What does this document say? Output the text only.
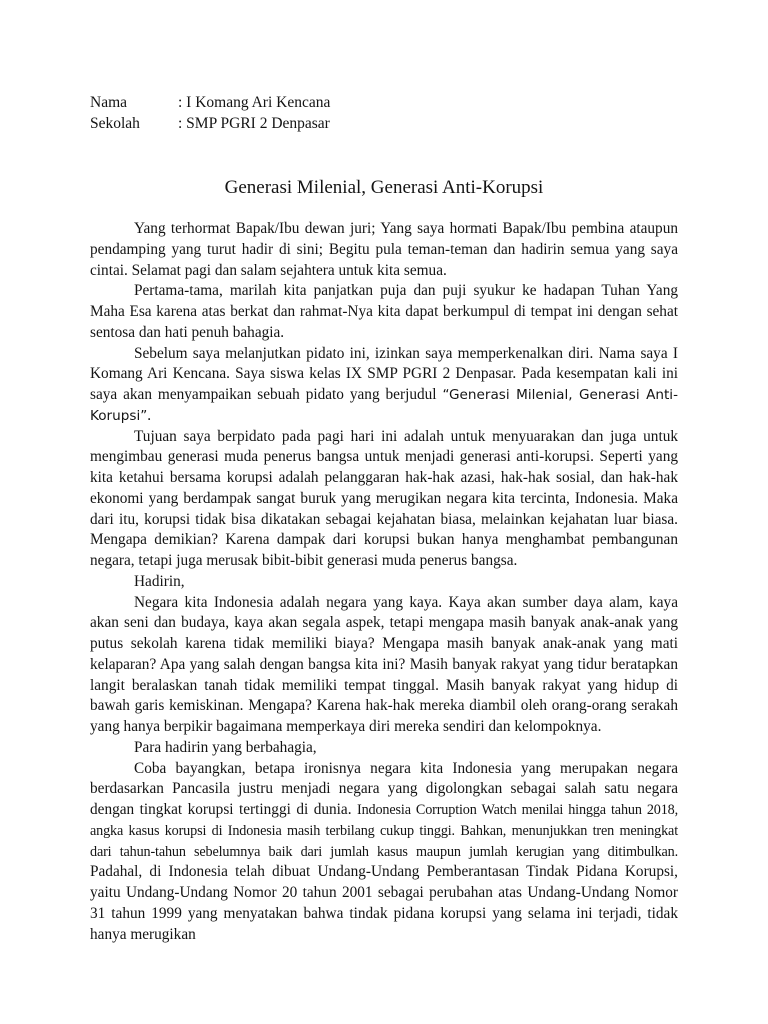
Nama	: I Komang Ari Kencana
Sekolah	: SMP PGRI 2 Denpasar
Generasi Milenial, Generasi Anti-Korupsi

Yang terhormat Bapak/Ibu dewan juri; Yang saya hormati Bapak/Ibu pembina ataupun pendamping yang turut hadir di sini; Begitu pula teman-teman dan hadirin semua yang saya cintai. Selamat pagi dan salam sejahtera untuk kita semua.

Pertama-tama, marilah kita panjatkan puja dan puji syukur ke hadapan Tuhan Yang Maha Esa karena atas berkat dan rahmat-Nya kita dapat berkumpul di tempat ini dengan sehat sentosa dan hati penuh bahagia.

Sebelum saya melanjutkan pidato ini, izinkan saya memperkenalkan diri. Nama saya I Komang Ari Kencana. Saya siswa kelas IX SMP PGRI 2 Denpasar. Pada kesempatan kali ini saya akan menyampaikan sebuah pidato yang berjudul “Generasi Milenial, Generasi Anti-Korupsi”.

Tujuan saya berpidato pada pagi hari ini adalah untuk menyuarakan dan juga untuk mengimbau generasi muda penerus bangsa untuk menjadi generasi anti-korupsi. Seperti yang kita ketahui bersama korupsi adalah pelanggaran hak-hak azasi, hak-hak sosial, dan hak-hak ekonomi yang berdampak sangat buruk yang merugikan negara kita tercinta, Indonesia. Maka dari itu, korupsi tidak bisa dikatakan sebagai kejahatan biasa, melainkan kejahatan luar biasa. Mengapa demikian? Karena dampak dari korupsi bukan hanya menghambat pembangunan negara, tetapi juga merusak bibit-bibit generasi muda penerus bangsa.

Hadirin,

Negara kita Indonesia adalah negara yang kaya. Kaya akan sumber daya alam, kaya akan seni dan budaya, kaya akan segala aspek, tetapi mengapa masih banyak anak-anak yang putus sekolah karena tidak memiliki biaya? Mengapa masih banyak anak-anak yang mati kelaparan? Apa yang salah dengan bangsa kita ini? Masih banyak rakyat yang tidur beratapkan langit beralaskan tanah tidak memiliki tempat tinggal. Masih banyak rakyat yang hidup di bawah garis kemiskinan. Mengapa? Karena hak-hak mereka diambil oleh orang-orang serakah yang hanya berpikir bagaimana memperkaya diri mereka sendiri dan kelompoknya.

Para hadirin yang berbahagia,

Coba bayangkan, betapa ironisnya negara kita Indonesia yang merupakan negara berdasarkan Pancasila justru menjadi negara yang digolongkan sebagai salah satu negara dengan tingkat korupsi tertinggi di dunia. Indonesia Corruption Watch menilai hingga tahun 2018, angka kasus korupsi di Indonesia masih terbilang cukup tinggi. Bahkan, menunjukkan tren meningkat dari tahun-tahun sebelumnya baik dari jumlah kasus maupun jumlah kerugian yang ditimbulkan. Padahal, di Indonesia telah dibuat Undang-Undang Pemberantasan Tindak Pidana Korupsi, yaitu Undang-Undang Nomor 20 tahun 2001 sebagai perubahan atas Undang-Undang Nomor 31 tahun 1999 yang menyatakan bahwa tindak pidana korupsi yang selama ini terjadi, tidak hanya merugikan
